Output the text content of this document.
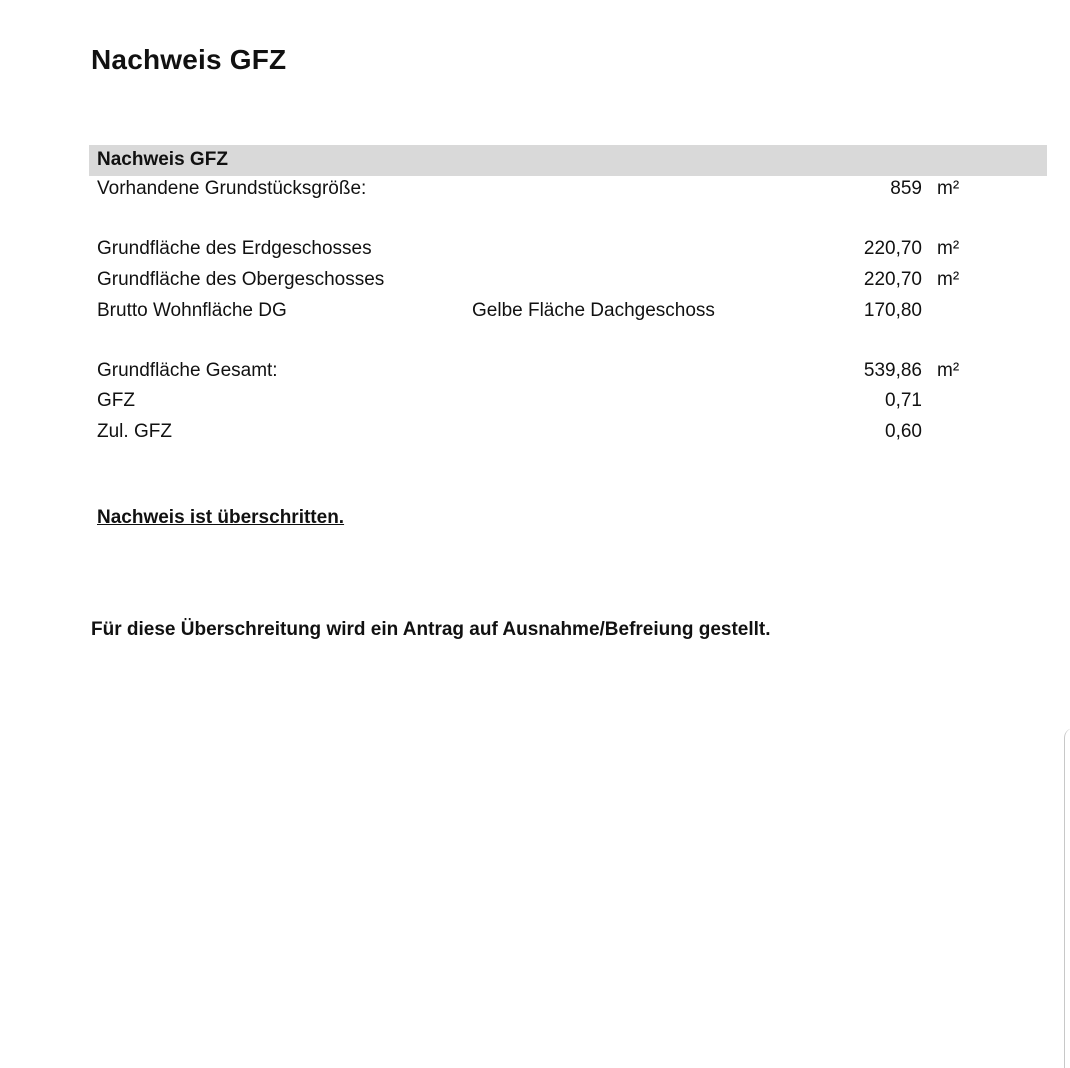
Nachweis GFZ
Nachweis GFZ
Vorhandene Grundstücksgröße:	859 m²
Grundfläche des Erdgeschosses	220,70 m²
Grundfläche des Obergeschosses	220,70 m²
Brutto Wohnfläche DG	Gelbe Fläche Dachgeschoss	170,80
Grundfläche Gesamt:	539,86 m²
GFZ	0,71
Zul. GFZ	0,60
Nachweis ist überschritten.
Für diese Überschreitung wird ein Antrag auf Ausnahme/Befreiung gestellt.
